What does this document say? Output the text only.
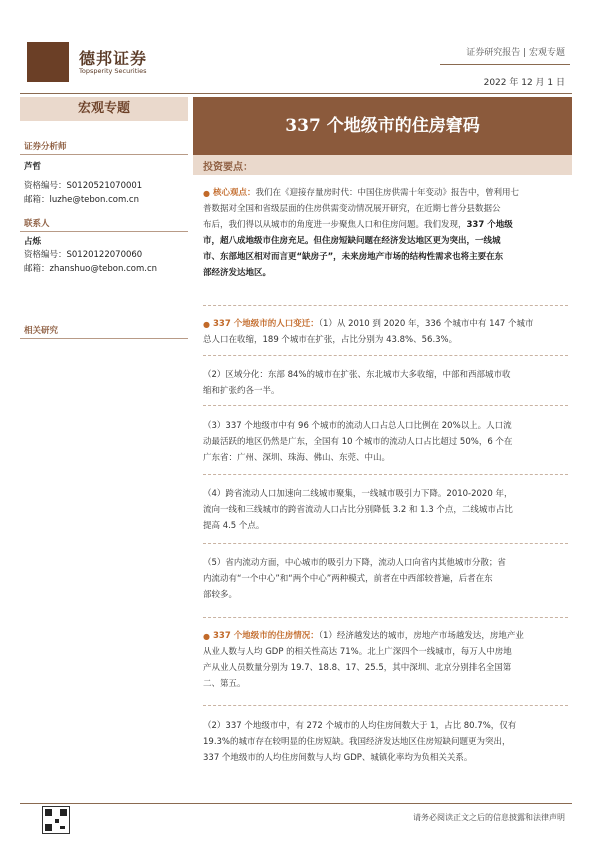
德邦证券
Topsperity Securities
证券研究报告 | 宏观专题
2022 年 12 月 1 日
宏观专题
337 个地级市的住房窘码
证券分析师
芦哲
资格编号：S0120521070001
邮箱：luzhe@tebon.com.cn
联系人
占烁
资格编号：S0120122070060
邮箱：zhanshuo@tebon.com.cn
相关研究
投资要点：
● 核心观点：我们在《迎接存量房时代：中国住房供需十年变动》报告中，曾利用七
普数据对全国和省级层面的住房供需变动情况展开研究，在近期七普分县数据公
布后，我们得以从城市的角度进一步聚焦人口和住房问题。我们发现，337 个地级
市，超八成地级市住房充足。但住房短缺问题在经济发达地区更为突出，一线城
市、东部地区相对而言更“缺房子”，未来房地产市场的结构性需求也将主要在东
部经济发达地区。
● 337 个地级市的人口变迁：（1）从 2010 到 2020 年，336 个城市中有 147 个城市
总人口在收缩，189 个城市在扩张，占比分别为 43.8%、56.3%。
（2）区域分化：东部 84%的城市在扩张、东北城市大多收缩，中部和西部城市收
缩和扩张约各一半。
（3）337 个地级市中有 96 个城市的流动人口占总人口比例在 20%以上。人口流
动最活跃的地区仍然是广东，全国有 10 个城市的流动人口占比超过 50%，6 个在
广东省：广州、深圳、珠海、佛山、东莞、中山。
（4）跨省流动人口加速向二线城市聚集，一线城市吸引力下降。2010-2020 年，
流向一线和三线城市的跨省流动人口占比分别降低 3.2 和 1.3 个点，二线城市占比
提高 4.5 个点。
（5）省内流动方面，中心城市的吸引力下降，流动人口向省内其他城市分散；省
内流动有“一个中心”和“两个中心”两种模式，前者在中西部较普遍，后者在东
部较多。
● 337 个地级市的住房情况：（1）经济越发达的城市，房地产市场越发达，房地产业
从业人数与人均 GDP 的相关性高达 71%。北上广深四个一线城市，每万人中房地
产从业人员数量分别为 19.7、18.8、17、25.5，其中深圳、北京分别排名全国第
二、第五。
（2）337 个地级市中，有 272 个城市的人均住房间数大于 1，占比 80.7%，仅有
19.3%的城市存在较明显的住房短缺。我国经济发达地区住房短缺问题更为突出，
337 个地级市的人均住房间数与人均 GDP、城镇化率均为负相关关系。
请务必阅读正文之后的信息披露和法律声明
